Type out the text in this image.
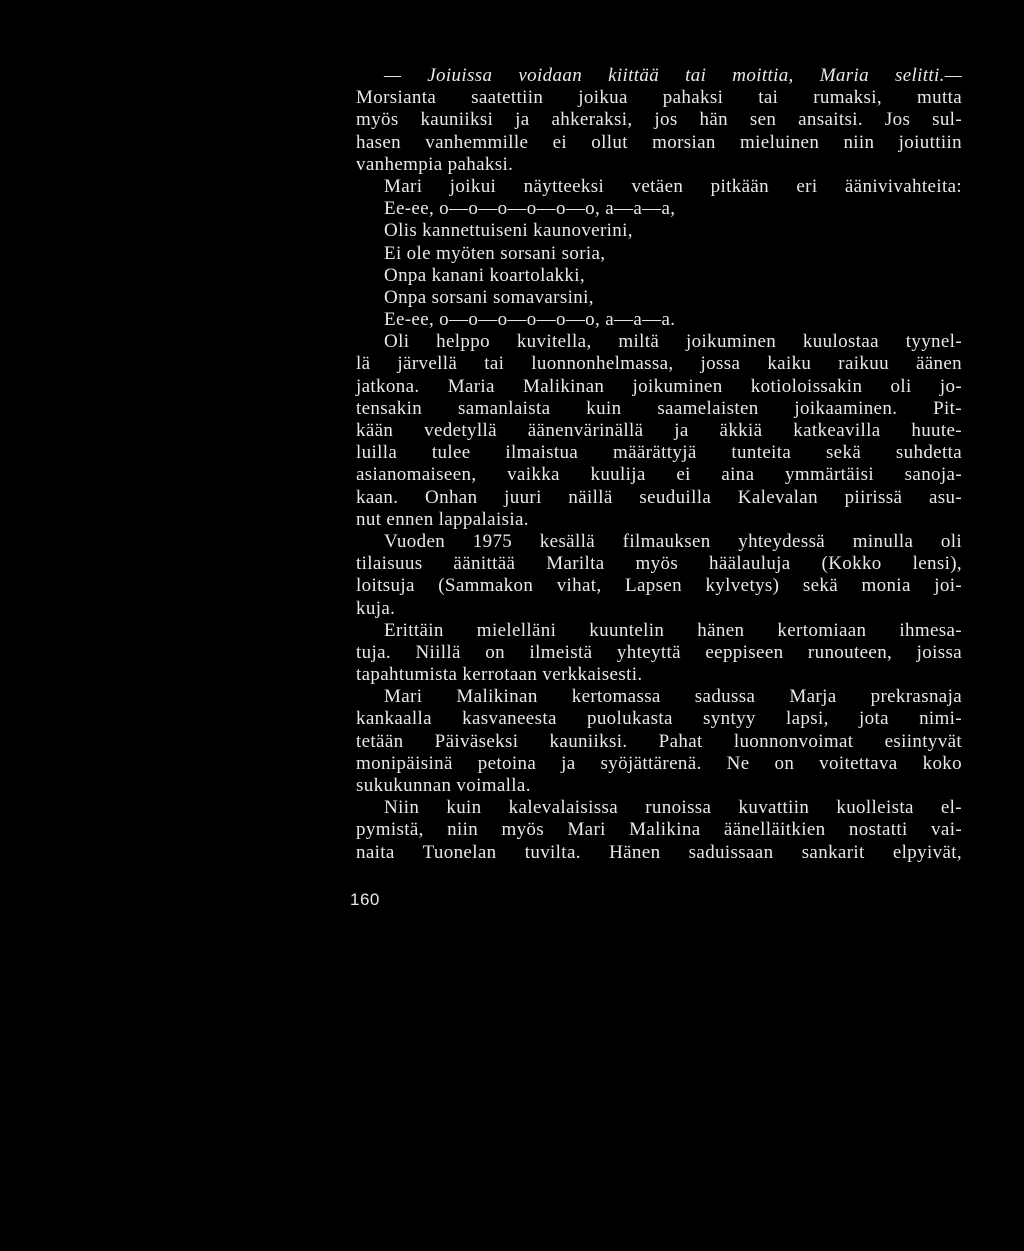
— Joiuissa voidaan kiittää tai moittia, Maria selitti.—
Morsianta saatettiin joikua pahaksi tai rumaksi, mutta
myös kauniiksi ja ahkeraksi, jos hän sen ansaitsi. Jos sul-
hasen vanhemmille ei ollut morsian mieluinen niin joiuttiin
vanhempia pahaksi.
Mari joikui näytteeksi vetäen pitkään eri äänivivahteita:
Ee-ee, o—o—o—o—o—o, a—a—a,
Olis kannettuiseni kaunoverini,
Ei ole myöten sorsani soria,
Onpa kanani koartolakki,
Onpa sorsani somavarsini,
Ee-ee, o—o—o—o—o—o, a—a—a.
Oli helppo kuvitella, miltä joikuminen kuulostaa tyynel-
lä järvellä tai luonnonhelmassa, jossa kaiku raikuu äänen
jatkona. Maria Malikinan joikuminen kotioloissakin oli jo-
tensakin samanlaista kuin saamelaisten joikaaminen. Pit-
kään vedetyllä äänenvärinällä ja äkkiä katkeavilla huute-
luilla tulee ilmaistua määrättyjä tunteita sekä suhdetta
asianomaiseen, vaikka kuulija ei aina ymmärtäisi sanoja-
kaan. Onhan juuri näillä seuduilla Kalevalan piirissä asu-
nut ennen lappalaisia.
Vuoden 1975 kesällä filmauksen yhteydessä minulla oli
tilaisuus äänittää Marilta myös häälauluja (Kokko lensi),
loitsuja (Sammakon vihat, Lapsen kylvetys) sekä monia joi-
kuja.
Erittäin mielelläni kuuntelin hänen kertomiaan ihmesa-
tuja. Niillä on ilmeistä yhteyttä eeppiseen runouteen, joissa
tapahtumista kerrotaan verkkaisesti.
Mari Malikinan kertomassa sadussa Marja prekrasnaja
kankaalla kasvaneesta puolukasta syntyy lapsi, jota nimi-
tetään Päiväseksi kauniiksi. Pahat luonnonvoimat esiintyvät
monipäisinä petoina ja syöjättärenä. Ne on voitettava koko
sukukunnan voimalla.
Niin kuin kalevalaisissa runoissa kuvattiin kuolleista el-
pymistä, niin myös Mari Malikina äänelläitkien nostatti vai-
naita Tuonelan tuvilta. Hänen saduissaan sankarit elpyivät,
160
